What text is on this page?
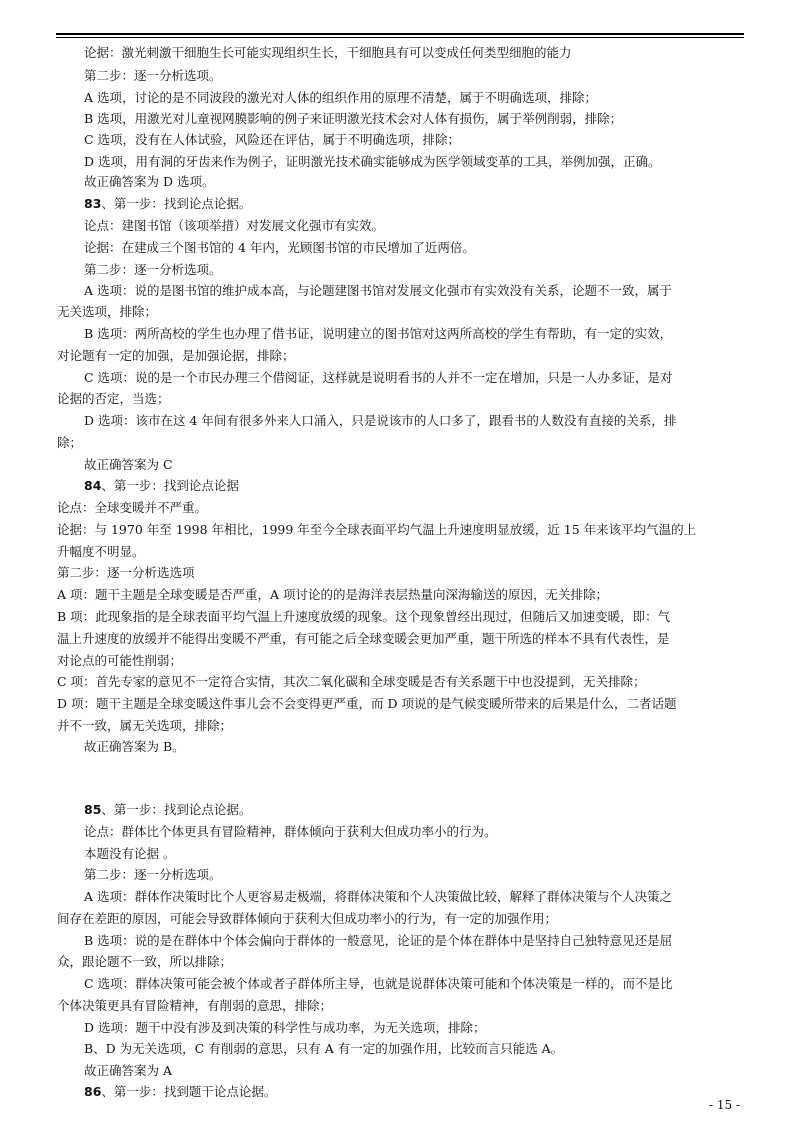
论据：激光刺激干细胞生长可能实现组织生长，干细胞具有可以变成任何类型细胞的能力
第二步：逐一分析选项。
A 选项，讨论的是不同波段的激光对人体的组织作用的原理不清楚，属于不明确选项，排除；
B 选项，用激光对儿童视网膜影响的例子来证明激光技术会对人体有损伤，属于举例削弱，排除；
C 选项，没有在人体试验，风险还在评估，属于不明确选项，排除；
D 选项，用有洞的牙齿来作为例子，证明激光技术确实能够成为医学领域变革的工具，举例加强，正确。
故正确答案为 D 选项。
83、第一步：找到论点论据。
论点：建图书馆（该项举措）对发展文化强市有实效。
论据：在建成三个图书馆的 4 年内，光顾图书馆的市民增加了近两倍。
第二步：逐一分析选项。
A 选项：说的是图书馆的维护成本高，与论题建图书馆对发展文化强市有实效没有关系，论题不一致，属于
无关选项，排除；
B 选项：两所高校的学生也办理了借书证，说明建立的图书馆对这两所高校的学生有帮助，有一定的实效，
对论题有一定的加强，是加强论据，排除；
C 选项：说的是一个市民办理三个借阅证，这样就是说明看书的人并不一定在增加，只是一人办多证，是对
论据的否定，当选；
D 选项：该市在这 4 年间有很多外来人口涌入，只是说该市的人口多了，跟看书的人数没有直接的关系，排
除；
故正确答案为 C
84、第一步：找到论点论据
论点：全球变暖并不严重。
论据：与 1970 年至 1998 年相比，1999 年至今全球表面平均气温上升速度明显放缓，近 15 年来该平均气温的上
升幅度不明显。
第二步：逐一分析选选项
A 项：题干主题是全球变暖是否严重，A 项讨论的的是海洋表层热量向深海输送的原因，无关排除；
B 项：此现象指的是全球表面平均气温上升速度放缓的现象。这个现象曾经出现过，但随后又加速变暖，即：气
温上升速度的放缓并不能得出变暖不严重，有可能之后全球变暖会更加严重，题干所选的样本不具有代表性，是
对论点的可能性削弱；
C 项：首先专家的意见不一定符合实情，其次二氧化碳和全球变暖是否有关系题干中也没提到，无关排除；
D 项：题干主题是全球变暖这件事儿会不会变得更严重，而 D 项说的是气候变暖所带来的后果是什么，二者话题
并不一致，属无关选项，排除；
故正确答案为 B。
85、第一步：找到论点论据。
论点：群体比个体更具有冒险精神，群体倾向于获利大但成功率小的行为。
本题没有论据 。
第二步：逐一分析选项。
A 选项：群体作决策时比个人更容易走极端，将群体决策和个人决策做比较，解释了群体决策与个人决策之
间存在差距的原因，可能会导致群体倾向于获利大但成功率小的行为，有一定的加强作用；
B 选项：说的是在群体中个体会偏向于群体的一般意见，论证的是个体在群体中是坚持自己独特意见还是屈
众，跟论题不一致，所以排除；
C 选项：群体决策可能会被个体或者子群体所主导，也就是说群体决策可能和个体决策是一样的，而不是比
个体决策更具有冒险精神，有削弱的意思，排除；
D 选项：题干中没有涉及到决策的科学性与成功率，为无关选项，排除；
B、D 为无关选项，C 有削弱的意思，只有 A 有一定的加强作用，比较而言只能选 A。
故正确答案为 A
86、第一步：找到题干论点论据。
- 15 -
